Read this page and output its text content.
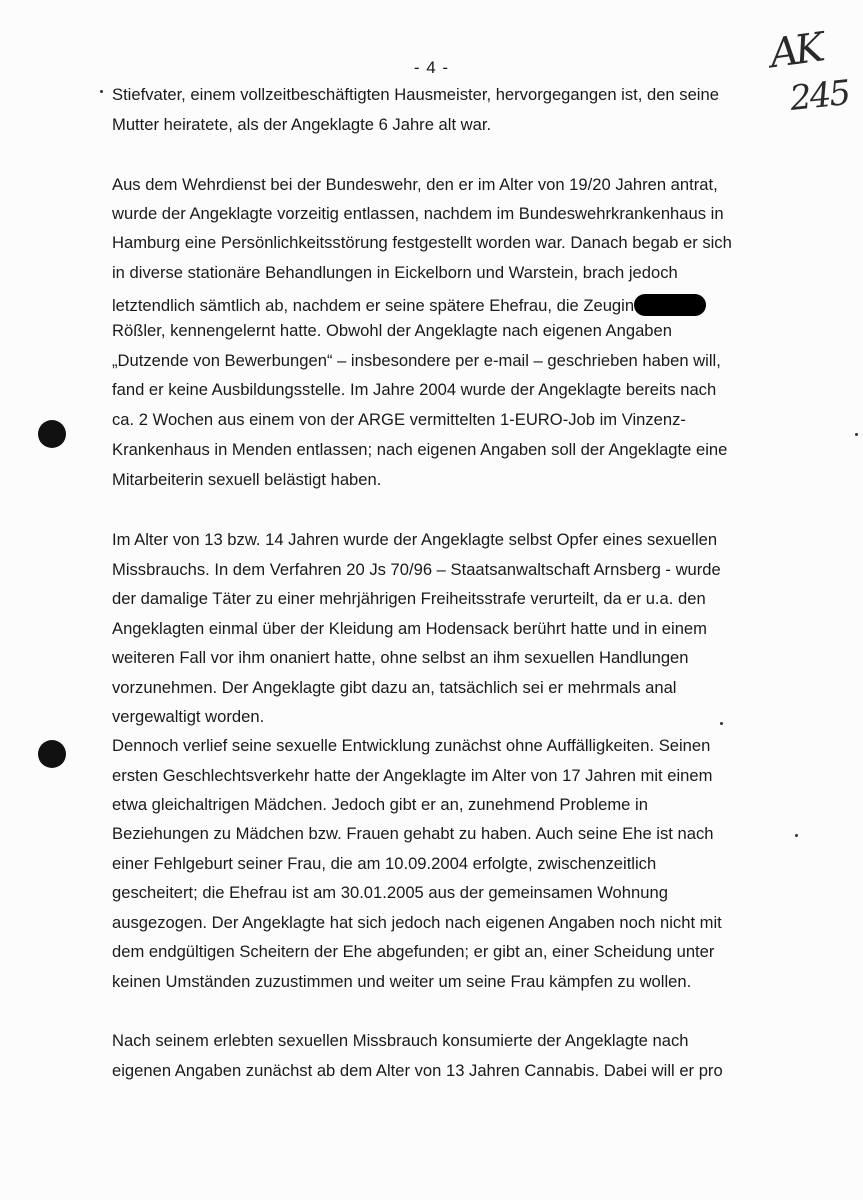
- 4 -	AK
245
Stiefvater, einem vollzeitbeschäftigten Hausmeister, hervorgegangen ist, den seine
Mutter heiratete, als der Angeklagte 6 Jahre alt war.
Aus dem Wehrdienst bei der Bundeswehr, den er im Alter von 19/20 Jahren antrat,
wurde der Angeklagte vorzeitig entlassen, nachdem im Bundeswehrkrankenhaus in
Hamburg eine Persönlichkeitsstörung festgestellt worden war. Danach begab er sich
in diverse stationäre Behandlungen in Eickelborn und Warstein, brach jedoch
letztendlich sämtlich ab, nachdem er seine spätere Ehefrau, die Zeugin
Rößler, kennengelernt hatte. Obwohl der Angeklagte nach eigenen Angaben
„Dutzende von Bewerbungen“ – insbesondere per e-mail – geschrieben haben will,
fand er keine Ausbildungsstelle. Im Jahre 2004 wurde der Angeklagte bereits nach
ca. 2 Wochen aus einem von der ARGE vermittelten 1-EURO-Job im Vinzenz-
Krankenhaus in Menden entlassen; nach eigenen Angaben soll der Angeklagte eine
Mitarbeiterin sexuell belästigt haben.
Im Alter von 13 bzw. 14 Jahren wurde der Angeklagte selbst Opfer eines sexuellen
Missbrauchs. In dem Verfahren 20 Js 70/96 – Staatsanwaltschaft Arnsberg - wurde
der damalige Täter zu einer mehrjährigen Freiheitsstrafe verurteilt, da er u.a. den
Angeklagten einmal über der Kleidung am Hodensack berührt hatte und in einem
weiteren Fall vor ihm onaniert hatte, ohne selbst an ihm sexuellen Handlungen
vorzunehmen. Der Angeklagte gibt dazu an, tatsächlich sei er mehrmals anal
vergewaltigt worden.
Dennoch verlief seine sexuelle Entwicklung zunächst ohne Auffälligkeiten. Seinen
ersten Geschlechtsverkehr hatte der Angeklagte im Alter von 17 Jahren mit einem
etwa gleichaltrigen Mädchen. Jedoch gibt er an, zunehmend Probleme in
Beziehungen zu Mädchen bzw. Frauen gehabt zu haben. Auch seine Ehe ist nach
einer Fehlgeburt seiner Frau, die am 10.09.2004 erfolgte, zwischenzeitlich
gescheitert; die Ehefrau ist am 30.01.2005 aus der gemeinsamen Wohnung
ausgezogen. Der Angeklagte hat sich jedoch nach eigenen Angaben noch nicht mit
dem endgültigen Scheitern der Ehe abgefunden; er gibt an, einer Scheidung unter
keinen Umständen zuzustimmen und weiter um seine Frau kämpfen zu wollen.
Nach seinem erlebten sexuellen Missbrauch konsumierte der Angeklagte nach
eigenen Angaben zunächst ab dem Alter von 13 Jahren Cannabis. Dabei will er pro
